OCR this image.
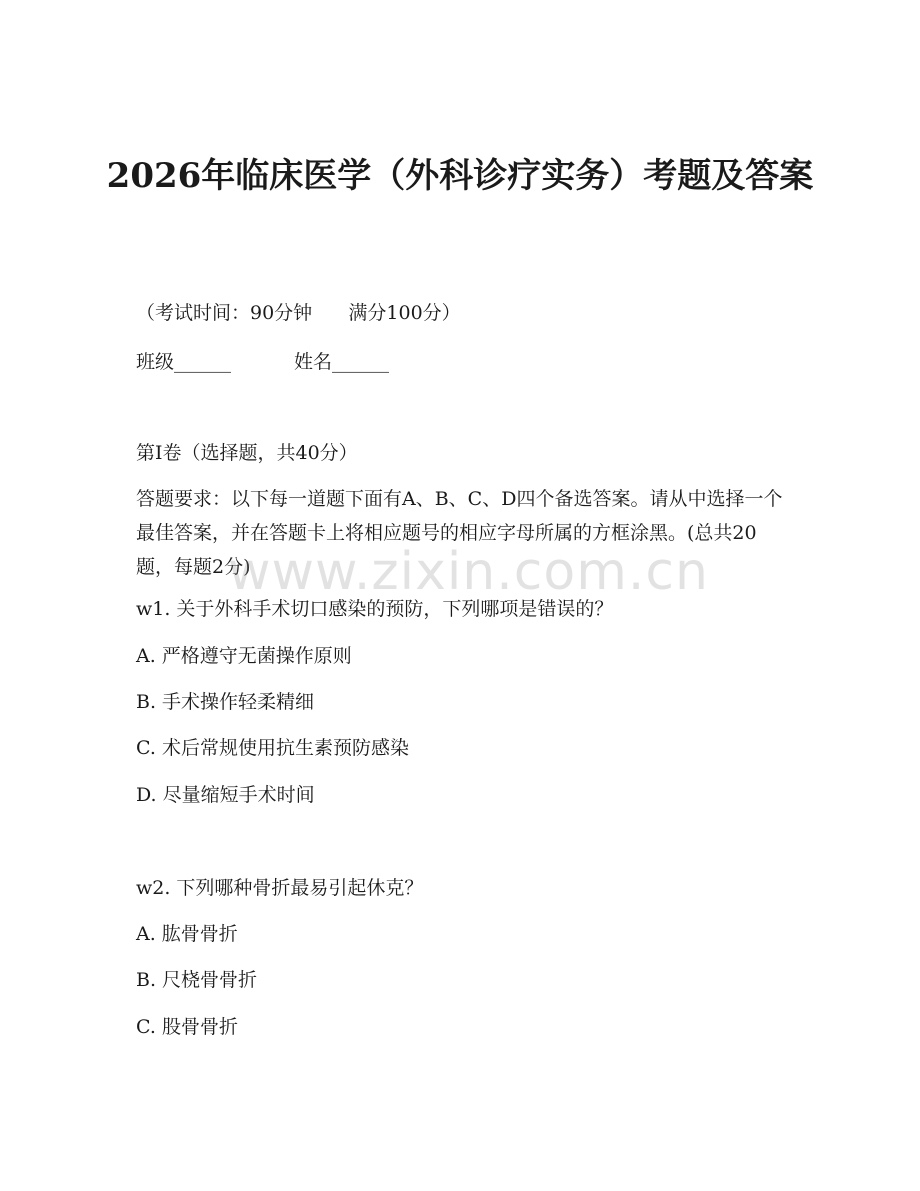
2026年临床医学（外科诊疗实务）考题及答案
（考试时间：90分钟      满分100分）
班级______	姓名______
第I卷（选择题，共40分）
答题要求：以下每一道题下面有A、B、C、D四个备选答案。请从中选择一个最佳答案，并在答题卡上将相应题号的相应字母所属的方框涂黑。(总共20题，每题2分)
www.zixin.com.cn
w1. 关于外科手术切口感染的预防，下列哪项是错误的？
A. 严格遵守无菌操作原则
B. 手术操作轻柔精细
C. 术后常规使用抗生素预防感染
D. 尽量缩短手术时间
w2. 下列哪种骨折最易引起休克？
A. 肱骨骨折
B. 尺桡骨骨折
C. 股骨骨折
